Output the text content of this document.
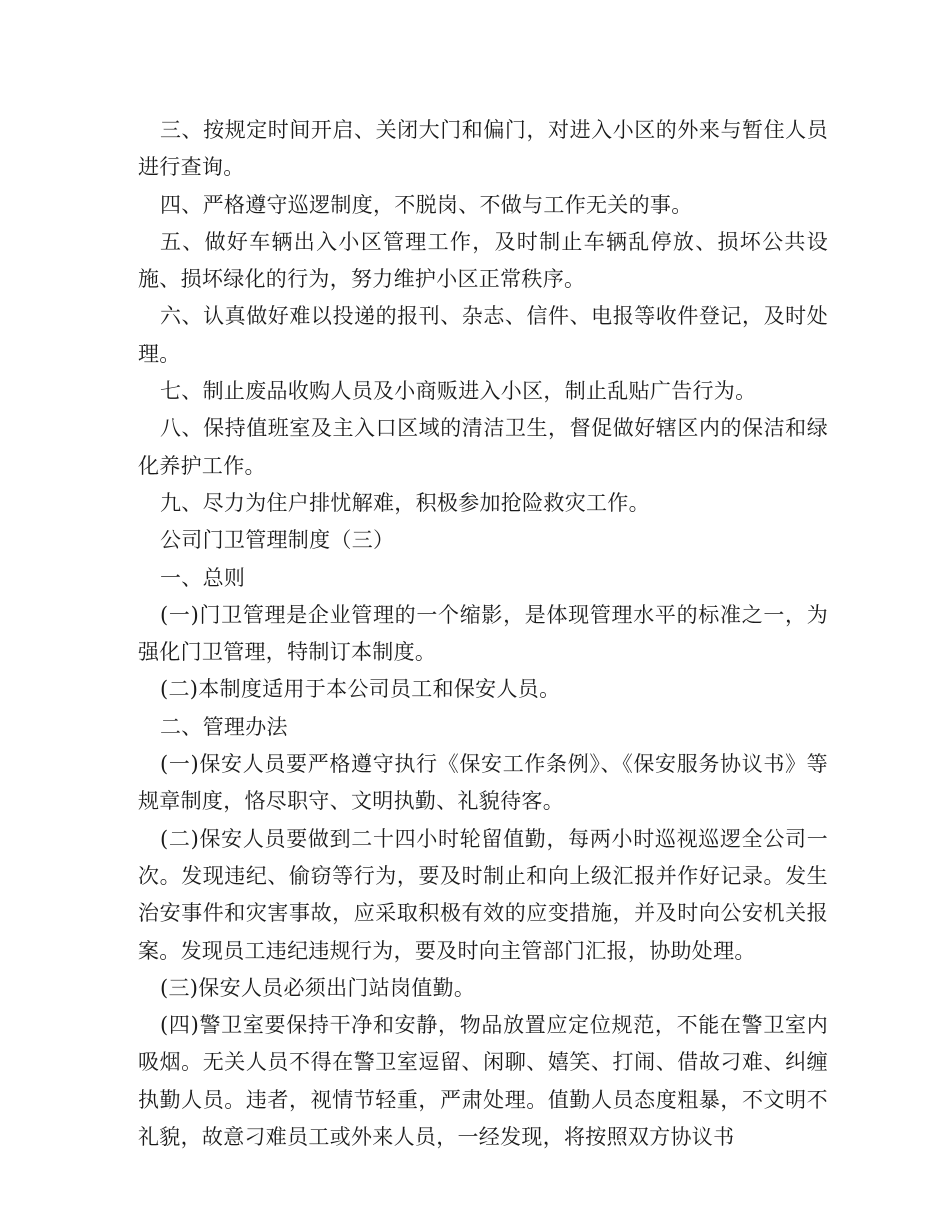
三、按规定时间开启、关闭大门和偏门，对进入小区的外来与暂住人员进行查询。

四、严格遵守巡逻制度，不脱岗、不做与工作无关的事。

五、做好车辆出入小区管理工作，及时制止车辆乱停放、损坏公共设施、损坏绿化的行为，努力维护小区正常秩序。

六、认真做好难以投递的报刊、杂志、信件、电报等收件登记，及时处理。

七、制止废品收购人员及小商贩进入小区，制止乱贴广告行为。

八、保持值班室及主入口区域的清洁卫生，督促做好辖区内的保洁和绿化养护工作。

九、尽力为住户排忧解难，积极参加抢险救灾工作。

公司门卫管理制度（三）

一、总则

(一)门卫管理是企业管理的一个缩影，是体现管理水平的标准之一，为强化门卫管理，特制订本制度。

(二)本制度适用于本公司员工和保安人员。

二、管理办法

(一)保安人员要严格遵守执行《保安工作条例》、《保安服务协议书》等规章制度，恪尽职守、文明执勤、礼貌待客。

(二)保安人员要做到二十四小时轮留值勤，每两小时巡视巡逻全公司一次。发现违纪、偷窃等行为，要及时制止和向上级汇报并作好记录。发生治安事件和灾害事故，应采取积极有效的应变措施，并及时向公安机关报案。发现员工违纪违规行为，要及时向主管部门汇报，协助处理。

(三)保安人员必须出门站岗值勤。

(四)警卫室要保持干净和安静，物品放置应定位规范，不能在警卫室内吸烟。无关人员不得在警卫室逗留、闲聊、嬉笑、打闹、借故刁难、纠缠执勤人员。违者，视情节轻重，严肃处理。值勤人员态度粗暴，不文明不礼貌，故意刁难员工或外来人员，一经发现，将按照双方协议书
